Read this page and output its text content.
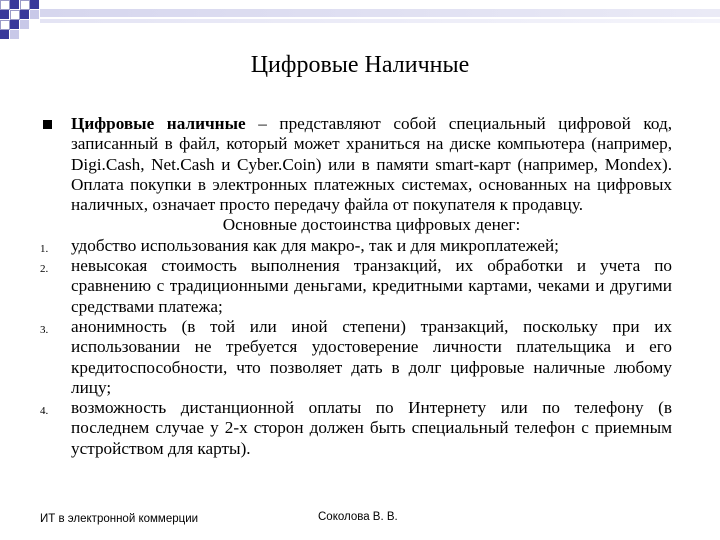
Цифровые Наличные
Цифровые наличные – представляют собой специальный цифровой код, записанный в файл, который может храниться на диске компьютера (например, Digi.Cash, Net.Cash и Cyber.Coin) или в памяти smart-карт (например, Mondex). Оплата покупки в электронных платежных системах, основанных на цифровых наличных, означает просто передачу файла от покупателя к продавцу.
Основные достоинства цифровых денег:
1. удобство использования как для макро-, так и для микроплатежей;
2. невысокая стоимость выполнения транзакций, их обработки и учета по сравнению с традиционными деньгами, кредитными картами, чеками и другими средствами платежа;
3. анонимность (в той или иной степени) транзакций, поскольку при их использовании не требуется удостоверение личности плательщика и его кредитоспособности, что позволяет дать в долг цифровые наличные любому лицу;
4. возможность дистанционной оплаты по Интернету или по телефону (в последнем случае у 2-х сторон должен быть специальный телефон с приемным устройством для карты).
ИТ в электронной коммерции	Соколова В. В.
